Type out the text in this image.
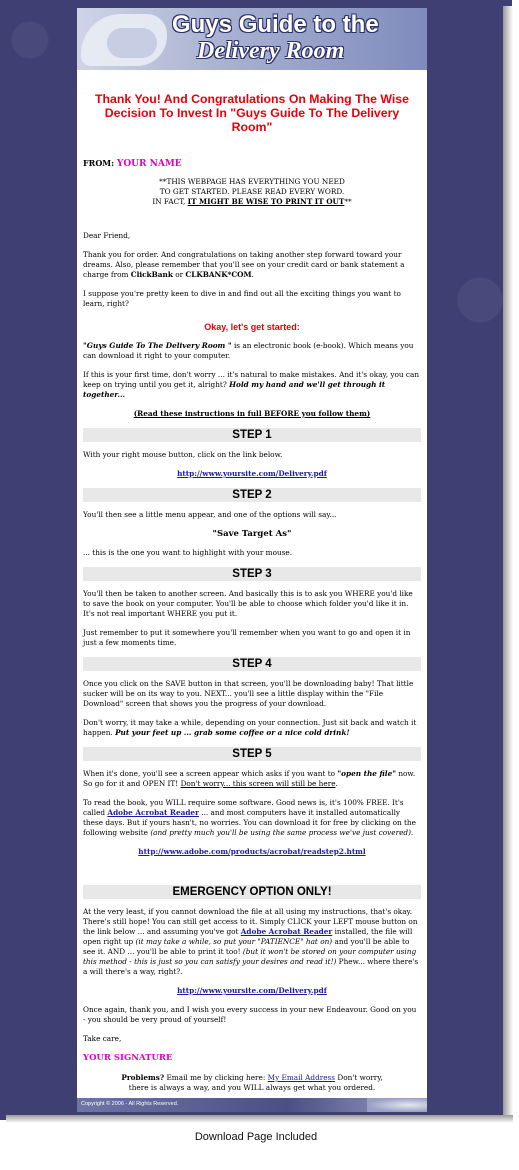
Guys Guide to the
Delivery Room
Thank You! And Congratulations On Making The Wise Decision To Invest In "Guys Guide To The Delivery Room"
FROM: YOUR NAME
**THIS WEBPAGE HAS EVERYTHING YOU NEED
TO GET STARTED. PLEASE READ EVERY WORD.
IN FACT, IT MIGHT BE WISE TO PRINT IT OUT**

Dear Friend,

Thank you for order. And congratulations on taking another step forward toward your dreams. Also, please remember that you'll see on your credit card or bank statement a charge from ClickBank or CLKBANK*COM.

I suppose you're pretty keen to dive in and find out all the exciting things you want to learn, right?

Okay, let's get started:

"Guys Guide To The Delivery Room " is an electronic book (e-book). Which means you can download it right to your computer.

If this is your first time, don't worry ... it's natural to make mistakes. And it's okay, you can keep on trying until you get it, alright? Hold my hand and we'll get through it together...

(Read these instructions in full BEFORE you follow them)

STEP 1

With your right mouse button, click on the link below.

http://www.yoursite.com/Delivery.pdf

STEP 2

You'll then see a little menu appear, and one of the options will say...

"Save Target As"

... this is the one you want to highlight with your mouse.

STEP 3

You'll then be taken to another screen. And basically this is to ask you WHERE you'd like to save the book on your computer. You'll be able to choose which folder you'd like it in. It's not real important WHERE you put it.

Just remember to put it somewhere you'll remember when you want to go and open it in just a few moments time.

STEP 4

Once you click on the SAVE button in that screen, you'll be downloading baby! That little sucker will be on its way to you. NEXT... you'll see a little display within the "File Download" screen that shows you the progress of your download.

Don't worry, it may take a while, depending on your connection. Just sit back and watch it happen. Put your feet up ... grab some coffee or a nice cold drink!

STEP 5

When it's done, you'll see a screen appear which asks if you want to "open the file" now. So go for it and OPEN IT! Don't worry... this screen will still be here.

To read the book, you WILL require some software. Good news is, it's 100% FREE. It's called Adobe Acrobat Reader ... and most computers have it installed automatically these days. But if yours hasn't, no worries. You can download it for free by clicking on the following website (and pretty much you'll be using the same process we've just covered).

http://www.adobe.com/products/acrobat/readstep2.html

EMERGENCY OPTION ONLY!

At the very least, if you cannot download the file at all using my instructions, that's okay. There's still hope! You can still get access to it. Simply CLICK your LEFT mouse button on the link below ... and assuming you've got Adobe Acrobat Reader installed, the file will open right up (it may take a while, so put your "PATIENCE" hat on) and you'll be able to see it. AND ... you'll be able to print it too! (but it won't be stored on your computer using this method - this is just so you can satisfy your desires and read it!) Phew... where there's a will there's a way, right?.

http://www.yoursite.com/Delivery.pdf

Once again, thank you, and I wish you every success in your new Endeavour. Good on you - you should be very proud of yourself!

Take care,

YOUR SIGNATURE
Problems? Email me by clicking here: My Email Address Don't worry,
there is always a way, and you WILL always get what you ordered.
Copyright © 2006 - All Rights Reserved.
Download Page Included
